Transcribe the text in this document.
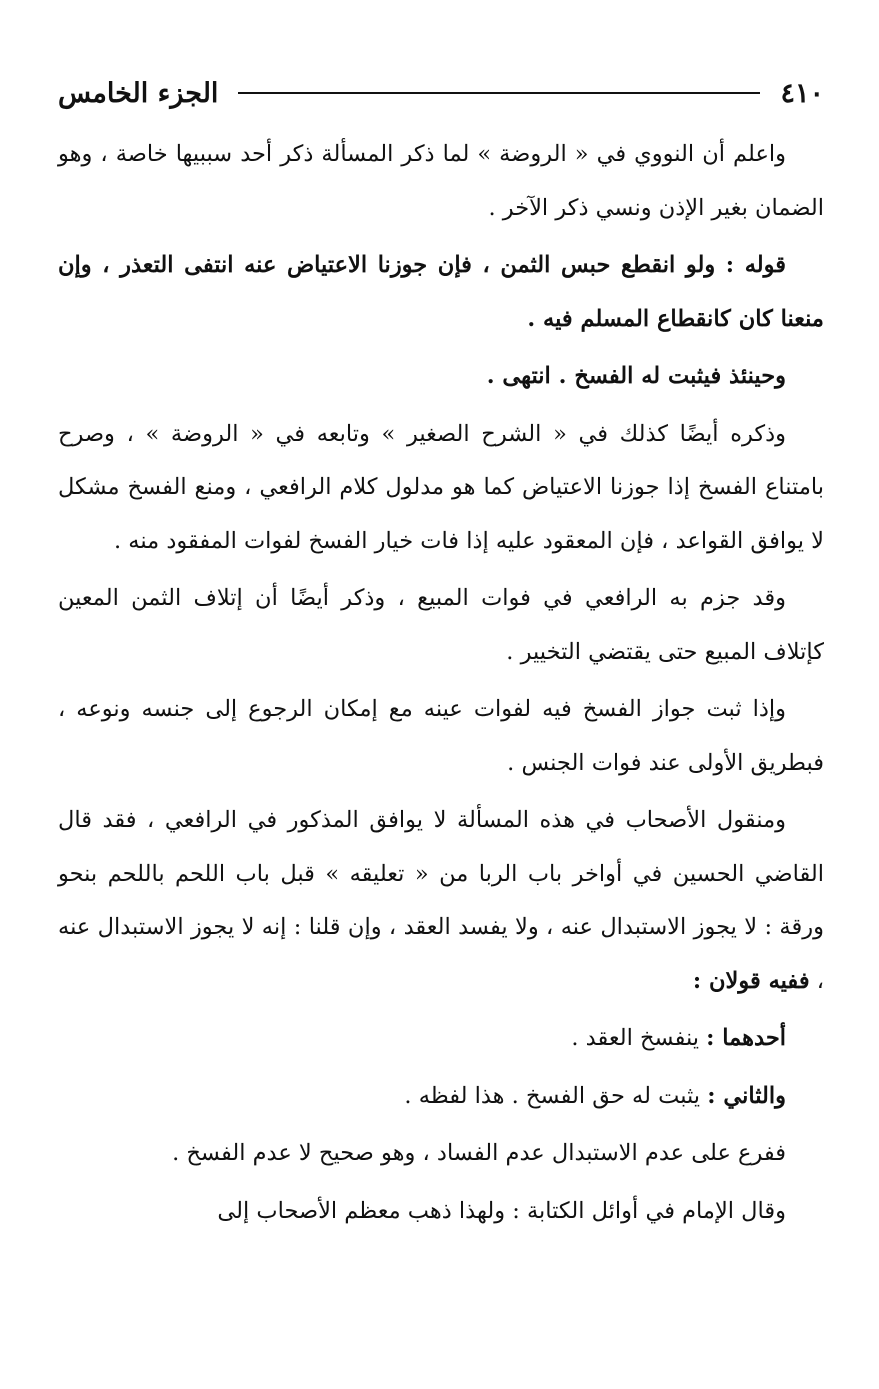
٤١٠
الجزء الخامس

واعلم أن النووي في « الروضة » لما ذكر المسألة ذكر أحد سببيها خاصة ، وهو الضمان بغير الإذن ونسي ذكر الآخر .

قوله : ولو انقطع حبس الثمن ، فإن جوزنا الاعتياض عنه انتفى التعذر ، وإن منعنا كان كانقطاع المسلم فيه .

وحينئذ فيثبت له الفسخ . انتهى .

وذكره أيضًا كذلك في « الشرح الصغير » وتابعه في « الروضة » ، وصرح بامتناع الفسخ إذا جوزنا الاعتياض كما هو مدلول كلام الرافعي ، ومنع الفسخ مشكل لا يوافق القواعد ، فإن المعقود عليه إذا فات خيار الفسخ لفوات المفقود منه .

وقد جزم به الرافعي في فوات المبيع ، وذكر أيضًا أن إتلاف الثمن المعين كإتلاف المبيع حتى يقتضي التخيير .

وإذا ثبت جواز الفسخ فيه لفوات عينه مع إمكان الرجوع إلى جنسه ونوعه ، فبطريق الأولى عند فوات الجنس .

ومنقول الأصحاب في هذه المسألة لا يوافق المذكور في الرافعي ، فقد قال القاضي الحسين في أواخر باب الربا من « تعليقه » قبل باب اللحم باللحم بنحو ورقة : لا يجوز الاستبدال عنه ، ولا يفسد العقد ، وإن قلنا : إنه لا يجوز الاستبدال عنه ، ففيه قولان :

أحدهما : ينفسخ العقد .

والثاني : يثبت له حق الفسخ . هذا لفظه .

ففرع على عدم الاستبدال عدم الفساد ، وهو صحيح لا عدم الفسخ .

وقال الإمام في أوائل الكتابة : ولهذا ذهب معظم الأصحاب إلى
